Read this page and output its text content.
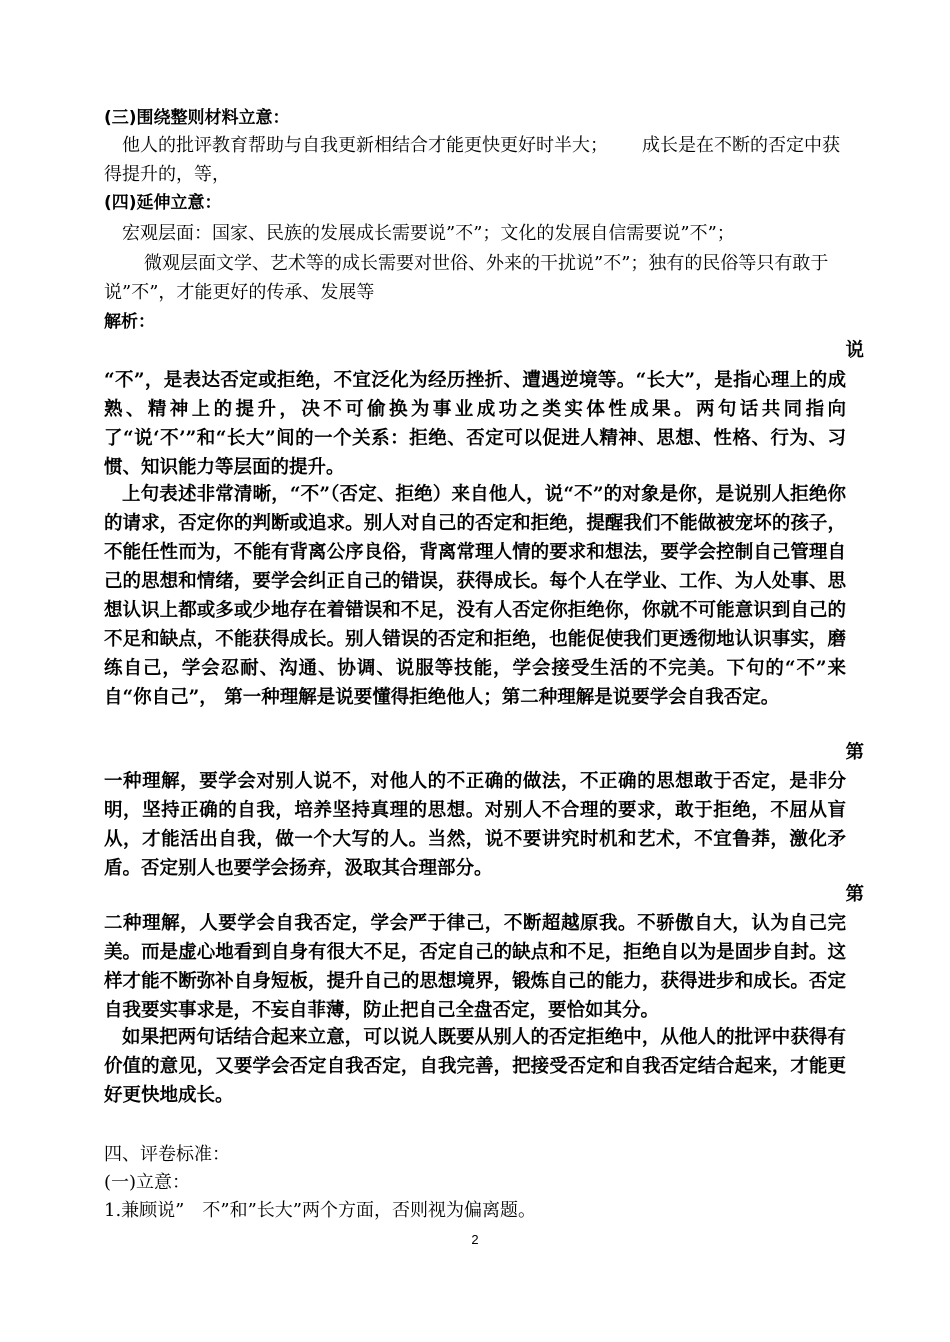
(三)围绕整则材料立意：
他人的批评教育帮助与自我更新相结合才能更快更好时半大； 成长是在不断的否定中获得提升的，等，
(四)延伸立意：
宏观层面：国家、民族的发展成长需要说”不”；文化的发展自信需要说”不”；
微观层面文学、艺术等的成长需要对世俗、外来的干扰说”不”；独有的民俗等只有敢于说”不”，才能更好的传承、发展等
解析：
说
“不”，是表达否定或拒绝，不宜泛化为经历挫折、遭遇逆境等。“长大”，是指心理上的成熟、精神上的提升，决不可偷换为事业成功之类实体性成果。两句话共同指向了“说‘不’”和“长大”间的一个关系：拒绝、否定可以促进人精神、思想、性格、行为、习惯、知识能力等层面的提升。
上句表述非常清晰，“不”（否定、拒绝）来自他人，说“不”的对象是你，是说别人拒绝你的请求，否定你的判断或追求。别人对自己的否定和拒绝，提醒我们不能做被宠坏的孩子，不能任性而为，不能有背离公序良俗，背离常理人情的要求和想法，要学会控制自己管理自己的思想和情绪，要学会纠正自己的错误，获得成长。每个人在学业、工作、为人处事、思想认识上都或多或少地存在着错误和不足，没有人否定你拒绝你，你就不可能意识到自己的不足和缺点，不能获得成长。别人错误的否定和拒绝，也能促使我们更透彻地认识事实，磨练自己，学会忍耐、沟通、协调、说服等技能，学会接受生活的不完美。下句的“不”来自“你自己”， 第一种理解是说要懂得拒绝他人；第二种理解是说要学会自我否定。
第
一种理解，要学会对别人说不，对他人的不正确的做法，不正确的思想敢于否定，是非分明，坚持正确的自我，培养坚持真理的思想。对别人不合理的要求，敢于拒绝，不屈从盲从，才能活出自我，做一个大写的人。当然，说不要讲究时机和艺术，不宜鲁莽，激化矛盾。否定别人也要学会扬弃，汲取其合理部分。
第
二种理解，人要学会自我否定，学会严于律己，不断超越原我。不骄傲自大，认为自己完美。而是虚心地看到自身有很大不足，否定自己的缺点和不足，拒绝自以为是固步自封。这样才能不断弥补自身短板，提升自己的思想境界，锻炼自己的能力，获得进步和成长。否定自我要实事求是，不妄自菲薄，防止把自己全盘否定，要恰如其分。
如果把两句话结合起来立意，可以说人既要从别人的否定拒绝中，从他人的批评中获得有价值的意见，又要学会否定自我否定，自我完善，把接受否定和自我否定结合起来，才能更好更快地成长。
四、评卷标准：
(一)立意：
1.兼顾说”　不”和”长大”两个方面，否则视为偏离题。
2
